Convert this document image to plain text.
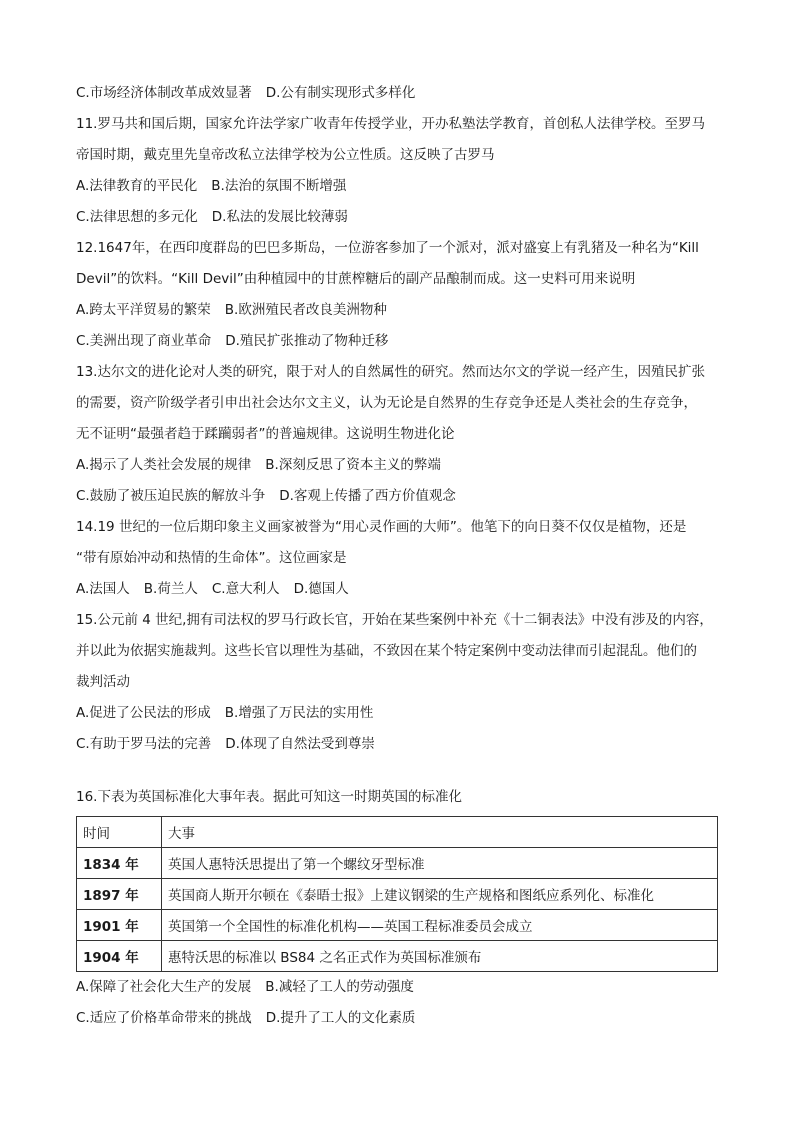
C.市场经济体制改革成效显著 D.公有制实现形式多样化
11.罗马共和国后期，国家允许法学家广收青年传授学业，开办私塾法学教育，首创私人法律学校。至罗马
帝国时期，戴克里先皇帝改私立法律学校为公立性质。这反映了古罗马
A.法律教育的平民化 B.法治的氛围不断增强
C.法律思想的多元化 D.私法的发展比较薄弱
12.1647年，在西印度群岛的巴巴多斯岛，一位游客参加了一个派对，派对盛宴上有乳猪及一种名为“Kill
Devil”的饮料。“Kill Devil”由种植园中的甘蔗榨糖后的副产品酿制而成。这一史料可用来说明
A.跨太平洋贸易的繁荣 B.欧洲殖民者改良美洲物种
C.美洲出现了商业革命 D.殖民扩张推动了物种迁移
13.达尔文的进化论对人类的研究，限于对人的自然属性的研究。然而达尔文的学说一经产生，因殖民扩张
的需要，资产阶级学者引申出社会达尔文主义，认为无论是自然界的生存竞争还是人类社会的生存竞争，
无不证明“最强者趋于蹂躏弱者”的普遍规律。这说明生物进化论
A.揭示了人类社会发展的规律 B.深刻反思了资本主义的弊端
C.鼓励了被压迫民族的解放斗争 D.客观上传播了西方价值观念
14.19 世纪的一位后期印象主义画家被誉为“用心灵作画的大师”。他笔下的向日葵不仅仅是植物，还是
“带有原始冲动和热情的生命体”。这位画家是
A.法国人 B.荷兰人 C.意大利人 D.德国人
15.公元前 4 世纪,拥有司法权的罗马行政长官，开始在某些案例中补充《十二铜表法》中没有涉及的内容，
并以此为依据实施裁判。这些长官以理性为基础，不致因在某个特定案例中变动法律而引起混乱。他们的
裁判活动
A.促进了公民法的形成 B.增强了万民法的实用性
C.有助于罗马法的完善 D.体现了自然法受到尊崇
16.下表为英国标准化大事年表。据此可知这一时期英国的标准化
时间	大事
1834 年	英国人惠特沃思提出了第一个螺纹牙型标准
1897 年	英国商人斯开尔顿在《泰晤士报》上建议钢梁的生产规格和图纸应系列化、标准化
1901 年	英国第一个全国性的标准化机构——英国工程标准委员会成立
1904 年	惠特沃思的标准以 BS84 之名正式作为英国标准颁布
A.保障了社会化大生产的发展 B.减轻了工人的劳动强度
C.适应了价格革命带来的挑战 D.提升了工人的文化素质
